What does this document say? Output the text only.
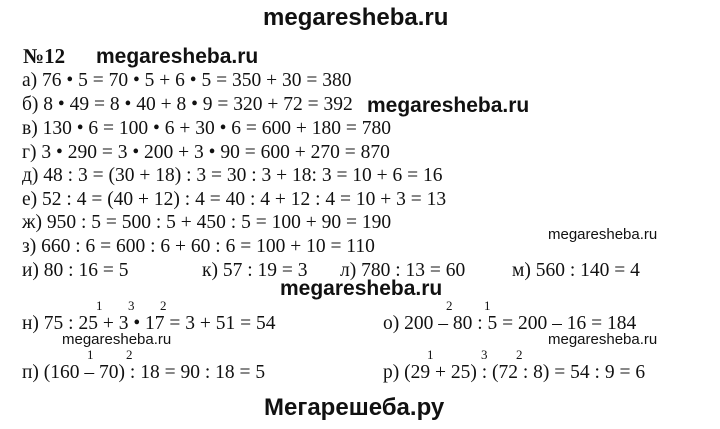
megaresheba.ru
№12 megaresheba.ru
а) 76 • 5 = 70 • 5 + 6 • 5 = 350 + 30 = 380
б) 8 • 49 = 8 • 40 + 8 • 9 = 320 + 72 = 392 megaresheba.ru
в) 130 • 6 = 100 • 6 + 30 • 6 = 600 + 180 = 780
г) 3 • 290 = 3 • 200 + 3 • 90 = 600 + 270 = 870
д) 48 : 3 = (30 + 18) : 3 = 30 : 3 + 18: 3 = 10 + 6 = 16
е) 52 : 4 = (40 + 12) : 4 = 40 : 4 + 12 : 4 = 10 + 3 = 13
ж) 950 : 5 = 500 : 5 + 450 : 5 = 100 + 90 = 190
megaresheba.ru
з) 660 : 6 = 600 : 6 + 60 : 6 = 100 + 10 = 110
и) 80 : 16 = 5	к) 57 : 19 = 3 л) 780 : 13 = 60 м) 560 : 140 = 4
megaresheba.ru
1 3 2
н) 75 : 25 + 3 • 17 = 3 + 51 = 54
2 1
о) 200 – 80 : 5 = 200 – 16 = 184
megaresheba.ru	megaresheba.ru
1	2
п) (160 – 70) : 18 = 90 : 18 = 5
1	3 2
р) (29 + 25) : (72 : 8) = 54 : 9 = 6
Мегарешеба.ру
